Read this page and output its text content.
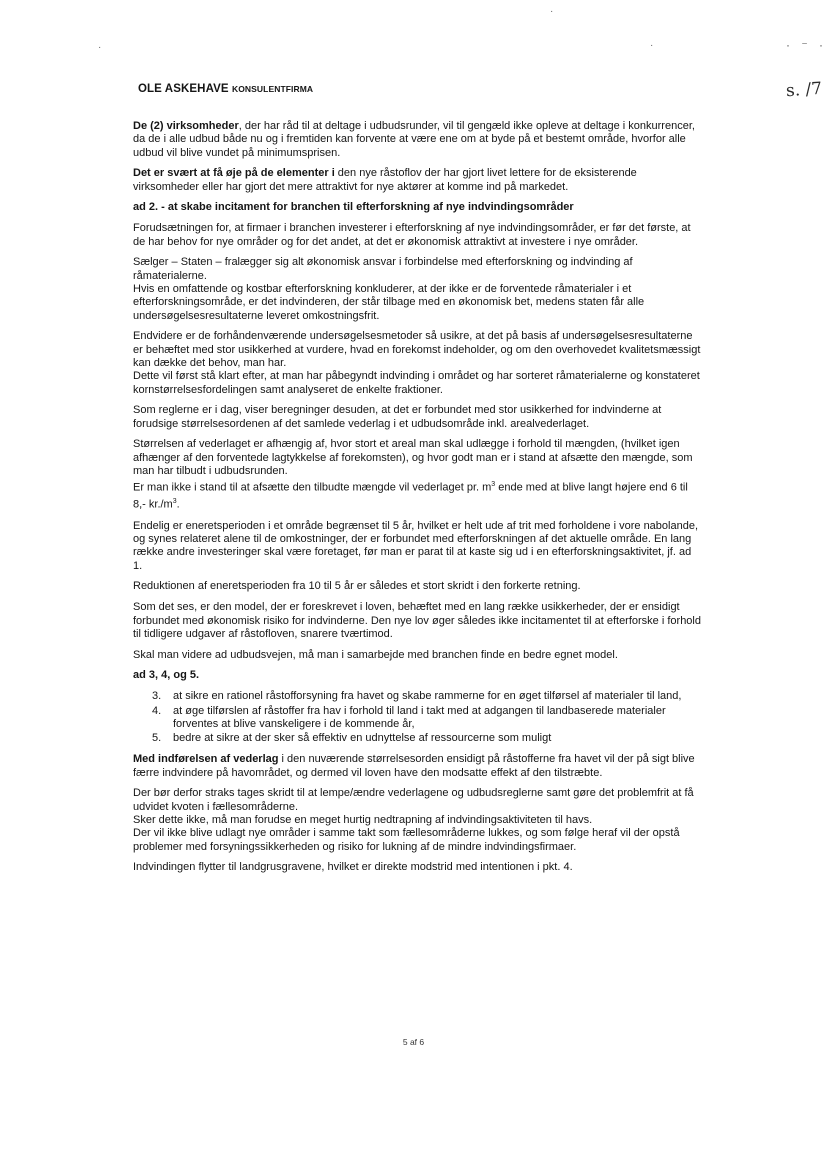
·
·
·	· ⁻ ·
s. /7
OLE ASKEHAVE KONSULENTFIRMA

De (2) virksomheder, der har råd til at deltage i udbudsrunder, vil til gengæld ikke opleve at deltage i konkurrencer, da de i alle udbud både nu og i fremtiden kan forvente at være ene om at byde på et bestemt område, hvorfor alle udbud vil blive vundet på minimumsprisen.

Det er svært at få øje på de elementer i den nye råstoflov der har gjort livet lettere for de eksisterende virksomheder eller har gjort det mere attraktivt for nye aktører at komme ind på markedet.

ad 2. - at skabe incitament for branchen til efterforskning af nye indvindingsområder

Forudsætningen for, at firmaer i branchen investerer i efterforskning af nye indvindingsområder, er før det første, at de har behov for nye områder og for det andet, at det er økonomisk attraktivt at investere i nye områder.

Sælger – Staten – fralægger sig alt økonomisk ansvar i forbindelse med efterforskning og indvinding af råmaterialerne.
Hvis en omfattende og kostbar efterforskning konkluderer, at der ikke er de forventede råmaterialer i et efterforskningsområde, er det indvinderen, der står tilbage med en økonomisk bet, medens staten får alle undersøgelsesresultaterne leveret omkostningsfrit.

Endvidere er de forhåndenværende undersøgelsesmetoder så usikre, at det på basis af undersøgelsesresultaterne er behæftet med stor usikkerhed at vurdere, hvad en forekomst indeholder, og om den overhovedet kvalitetsmæssigt kan dække det behov, man har.
Dette vil først stå klart efter, at man har påbegyndt indvinding i området og har sorteret råmaterialerne og konstateret kornstørrelsesfordelingen samt analyseret de enkelte fraktioner.

Som reglerne er i dag, viser beregninger desuden, at det er forbundet med stor usikkerhed for indvinderne at forudsige størrelsesordenen af det samlede vederlag i et udbudsområde inkl. arealvederlaget.

Størrelsen af vederlaget er afhængig af, hvor stort et areal man skal udlægge i forhold til mængden, (hvilket igen afhænger af den forventede lagtykkelse af forekomsten), og hvor godt man er i stand at afsætte den mængde, som man har tilbudt i udbudsrunden.
Er man ikke i stand til at afsætte den tilbudte mængde vil vederlaget pr. $m^3$ ende med at blive langt højere end 6 til 8,- $kr./m^3$.

Endelig er eneretsperioden i et område begrænset til 5 år, hvilket er helt ude af trit med forholdene i vore nabolande, og synes relateret alene til de omkostninger, der er forbundet med efterforskningen af det aktuelle område. En lang række andre investeringer skal være foretaget, før man er parat til at kaste sig ud i en efterforskningsaktivitet, jf. ad 1.

Reduktionen af eneretsperioden fra 10 til 5 år er således et stort skridt i den forkerte retning.

Som det ses, er den model, der er foreskrevet i loven, behæftet med en lang række usikkerheder, der er ensidigt forbundet med økonomisk risiko for indvinderne. Den nye lov øger således ikke incitamentet til at efterforske i forhold til tidligere udgaver af råstofloven, snarere tværtimod.

Skal man videre ad udbudsvejen, må man i samarbejde med branchen finde en bedre egnet model.

ad 3, 4, og 5.
3. at sikre en rationel råstofforsyning fra havet og skabe rammerne for en øget tilførsel af materialer til land,
4. at øge tilførslen af råstoffer fra hav i forhold til land i takt med at adgangen til landbaserede materialer forventes at blive vanskeligere i de kommende år,
5. bedre at sikre at der sker så effektiv en udnyttelse af ressourcerne som muligt

Med indførelsen af vederlag i den nuværende størrelsesorden ensidigt på råstofferne fra havet vil der på sigt blive færre indvindere på havområdet, og dermed vil loven have den modsatte effekt af den tilstræbte.

Der bør derfor straks tages skridt til at lempe/ændre vederlagene og udbudsreglerne samt gøre det problemfrit at få udvidet kvoten i fællesområderne.
Sker dette ikke, må man forudse en meget hurtig nedtrapning af indvindingsaktiviteten til havs.
Der vil ikke blive udlagt nye områder i samme takt som fællesområderne lukkes, og som følge heraf vil der opstå problemer med forsyningssikkerheden og risiko for lukning af de mindre indvindingsfirmaer.

Indvindingen flytter til landgrusgravene, hvilket er direkte modstrid med intentionen i pkt. 4.

5 af 6
